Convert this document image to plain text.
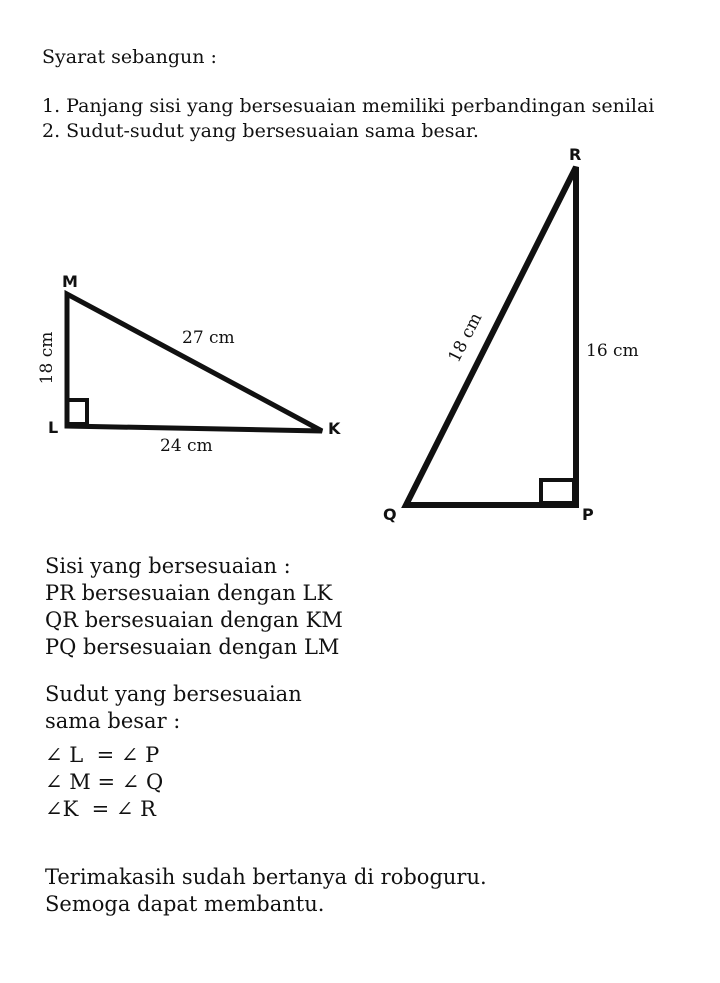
Syarat sebangun :
1. Panjang sisi yang bersesuaian memiliki perbandingan senilai
2. Sudut-sudut yang bersesuaian sama besar.
M
L	K
18 cm	27 cm
24 cm
R
Q	P
18 cm	16 cm
Sisi yang bersesuaian :
PR bersesuaian dengan LK
QR bersesuaian dengan KM
PQ bersesuaian dengan LM
Sudut yang bersesuaian
sama besar :
∠ L  = ∠ P
∠ M = ∠ Q
∠K  = ∠ R
Terimakasih sudah bertanya di roboguru.
Semoga dapat membantu.
